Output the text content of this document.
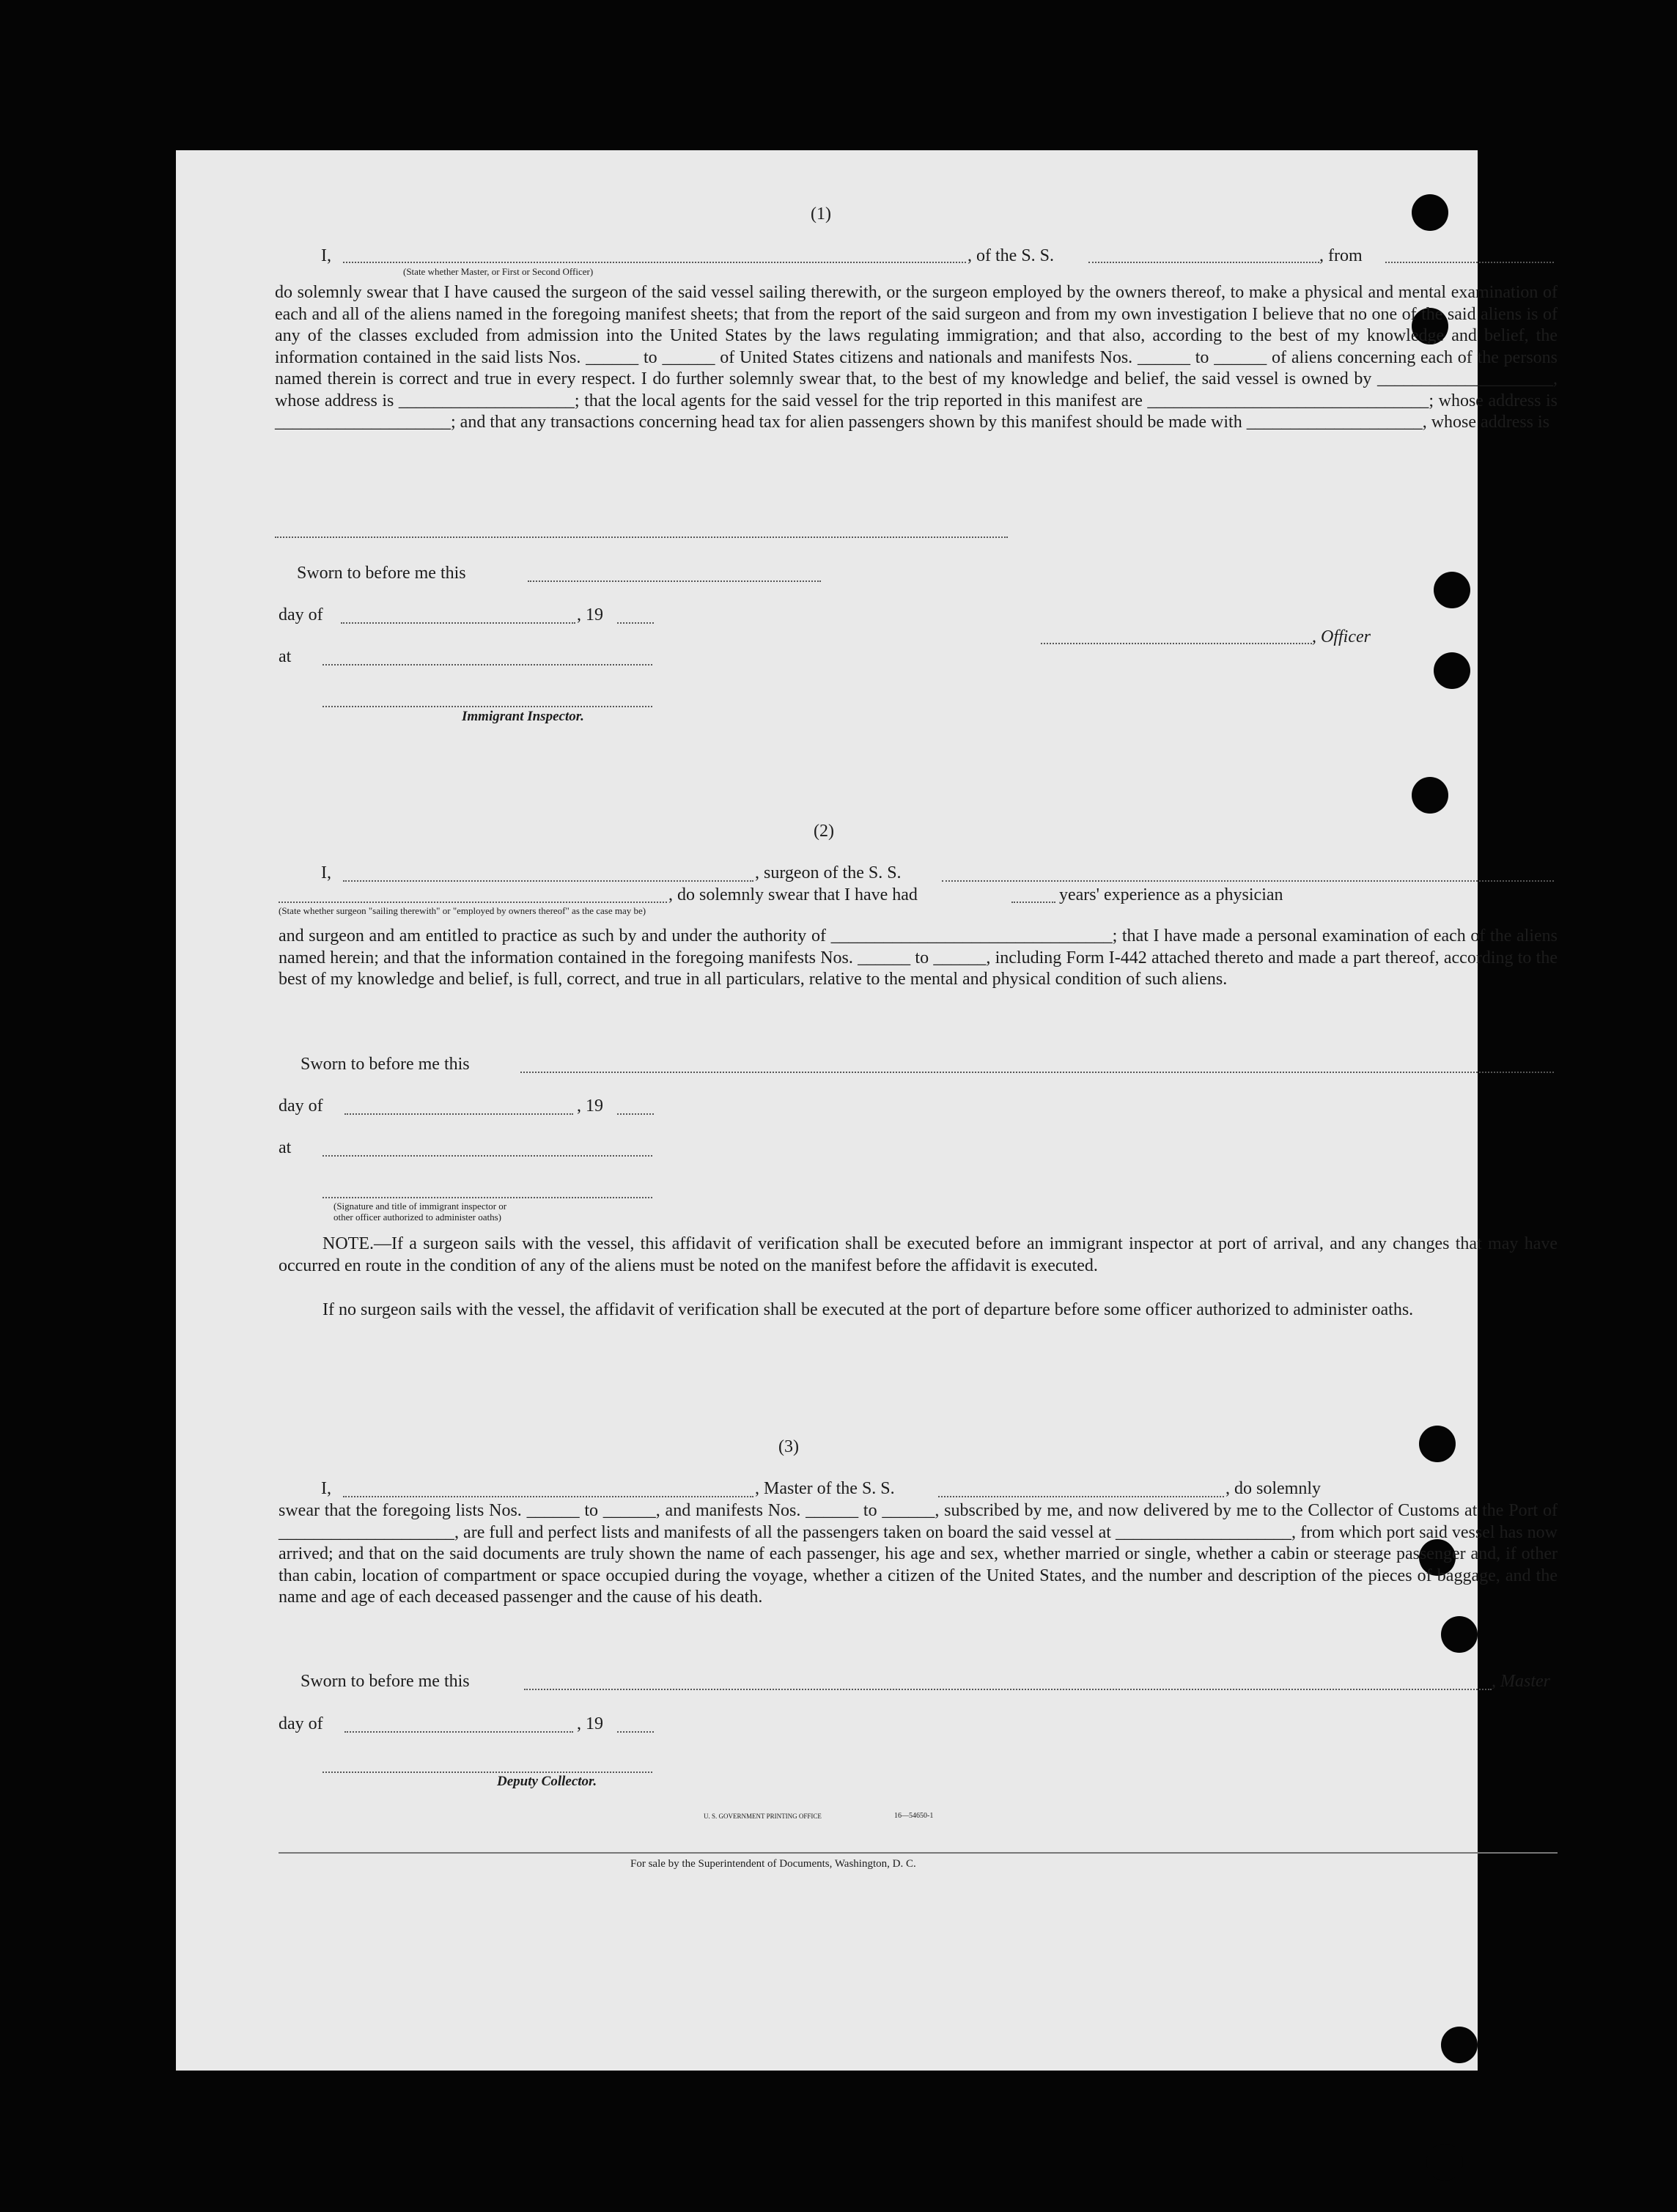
(1)
I,	, of the S. S.	, from
(State whether Master, or First or Second Officer)
do solemnly swear that I have caused the surgeon of the said vessel sailing therewith, or the surgeon employed by the owners thereof, to make a physical and mental examination of each and all of the aliens named in the foregoing manifest sheets; that from the report of the said surgeon and from my own investigation I believe that no one of the said aliens is of any of the classes excluded from admission into the United States by the laws regulating immigration; and that also, according to the best of my knowledge and belief, the information contained in the said lists Nos. ______ to ______ of United States citizens and nationals and manifests Nos. ______ to ______ of aliens concerning each of the persons named therein is correct and true in every respect. I do further solemnly swear that, to the best of my knowledge and belief, the said vessel is owned by ____________________, whose address is ____________________; that the local agents for the said vessel for the trip reported in this manifest are ________________________________; whose address is ____________________; and that any transactions concerning head tax for alien passengers shown by this manifest should be made with ____________________, whose address is
Sworn to before me this
day of	, 19
, Officer
at
Immigrant Inspector.
(2)
I,	, surgeon of the S. S.
, do solemnly swear that I have had	years' experience as a physician
(State whether surgeon "sailing therewith" or "employed by owners thereof" as the case may be)
and surgeon and am entitled to practice as such by and under the authority of ________________________________; that I have made a personal examination of each of the aliens named herein; and that the information contained in the foregoing manifests Nos. ______ to ______, including Form I-442 attached thereto and made a part thereof, according to the best of my knowledge and belief, is full, correct, and true in all particulars, relative to the mental and physical condition of such aliens.
Sworn to before me this
day of	, 19
at
(Signature and title of immigrant inspector or
other officer authorized to administer oaths)
NOTE.—If a surgeon sails with the vessel, this affidavit of verification shall be executed before an immigrant inspector at port of arrival, and any changes that may have occurred en route in the condition of any of the aliens must be noted on the manifest before the affidavit is executed.
If no surgeon sails with the vessel, the affidavit of verification shall be executed at the port of departure before some officer authorized to administer oaths.
(3)
I,	, Master of the S. S.	, do solemnly
swear that the foregoing lists Nos. ______ to ______, and manifests Nos. ______ to ______, subscribed by me, and now delivered by me to the Collector of Customs at the Port of ____________________, are full and perfect lists and manifests of all the passengers taken on board the said vessel at ____________________, from which port said vessel has now arrived; and that on the said documents are truly shown the name of each passenger, his age and sex, whether married or single, whether a cabin or steerage passenger and, if other than cabin, location of compartment or space occupied during the voyage, whether a citizen of the United States, and the number and description of the pieces of baggage, and the name and age of each deceased passenger and the cause of his death.
Sworn to before me this	, Master
day of	, 19
Deputy Collector.
U. S. GOVERNMENT PRINTING OFFICE	16—54650-1
For sale by the Superintendent of Documents, Washington, D. C.
